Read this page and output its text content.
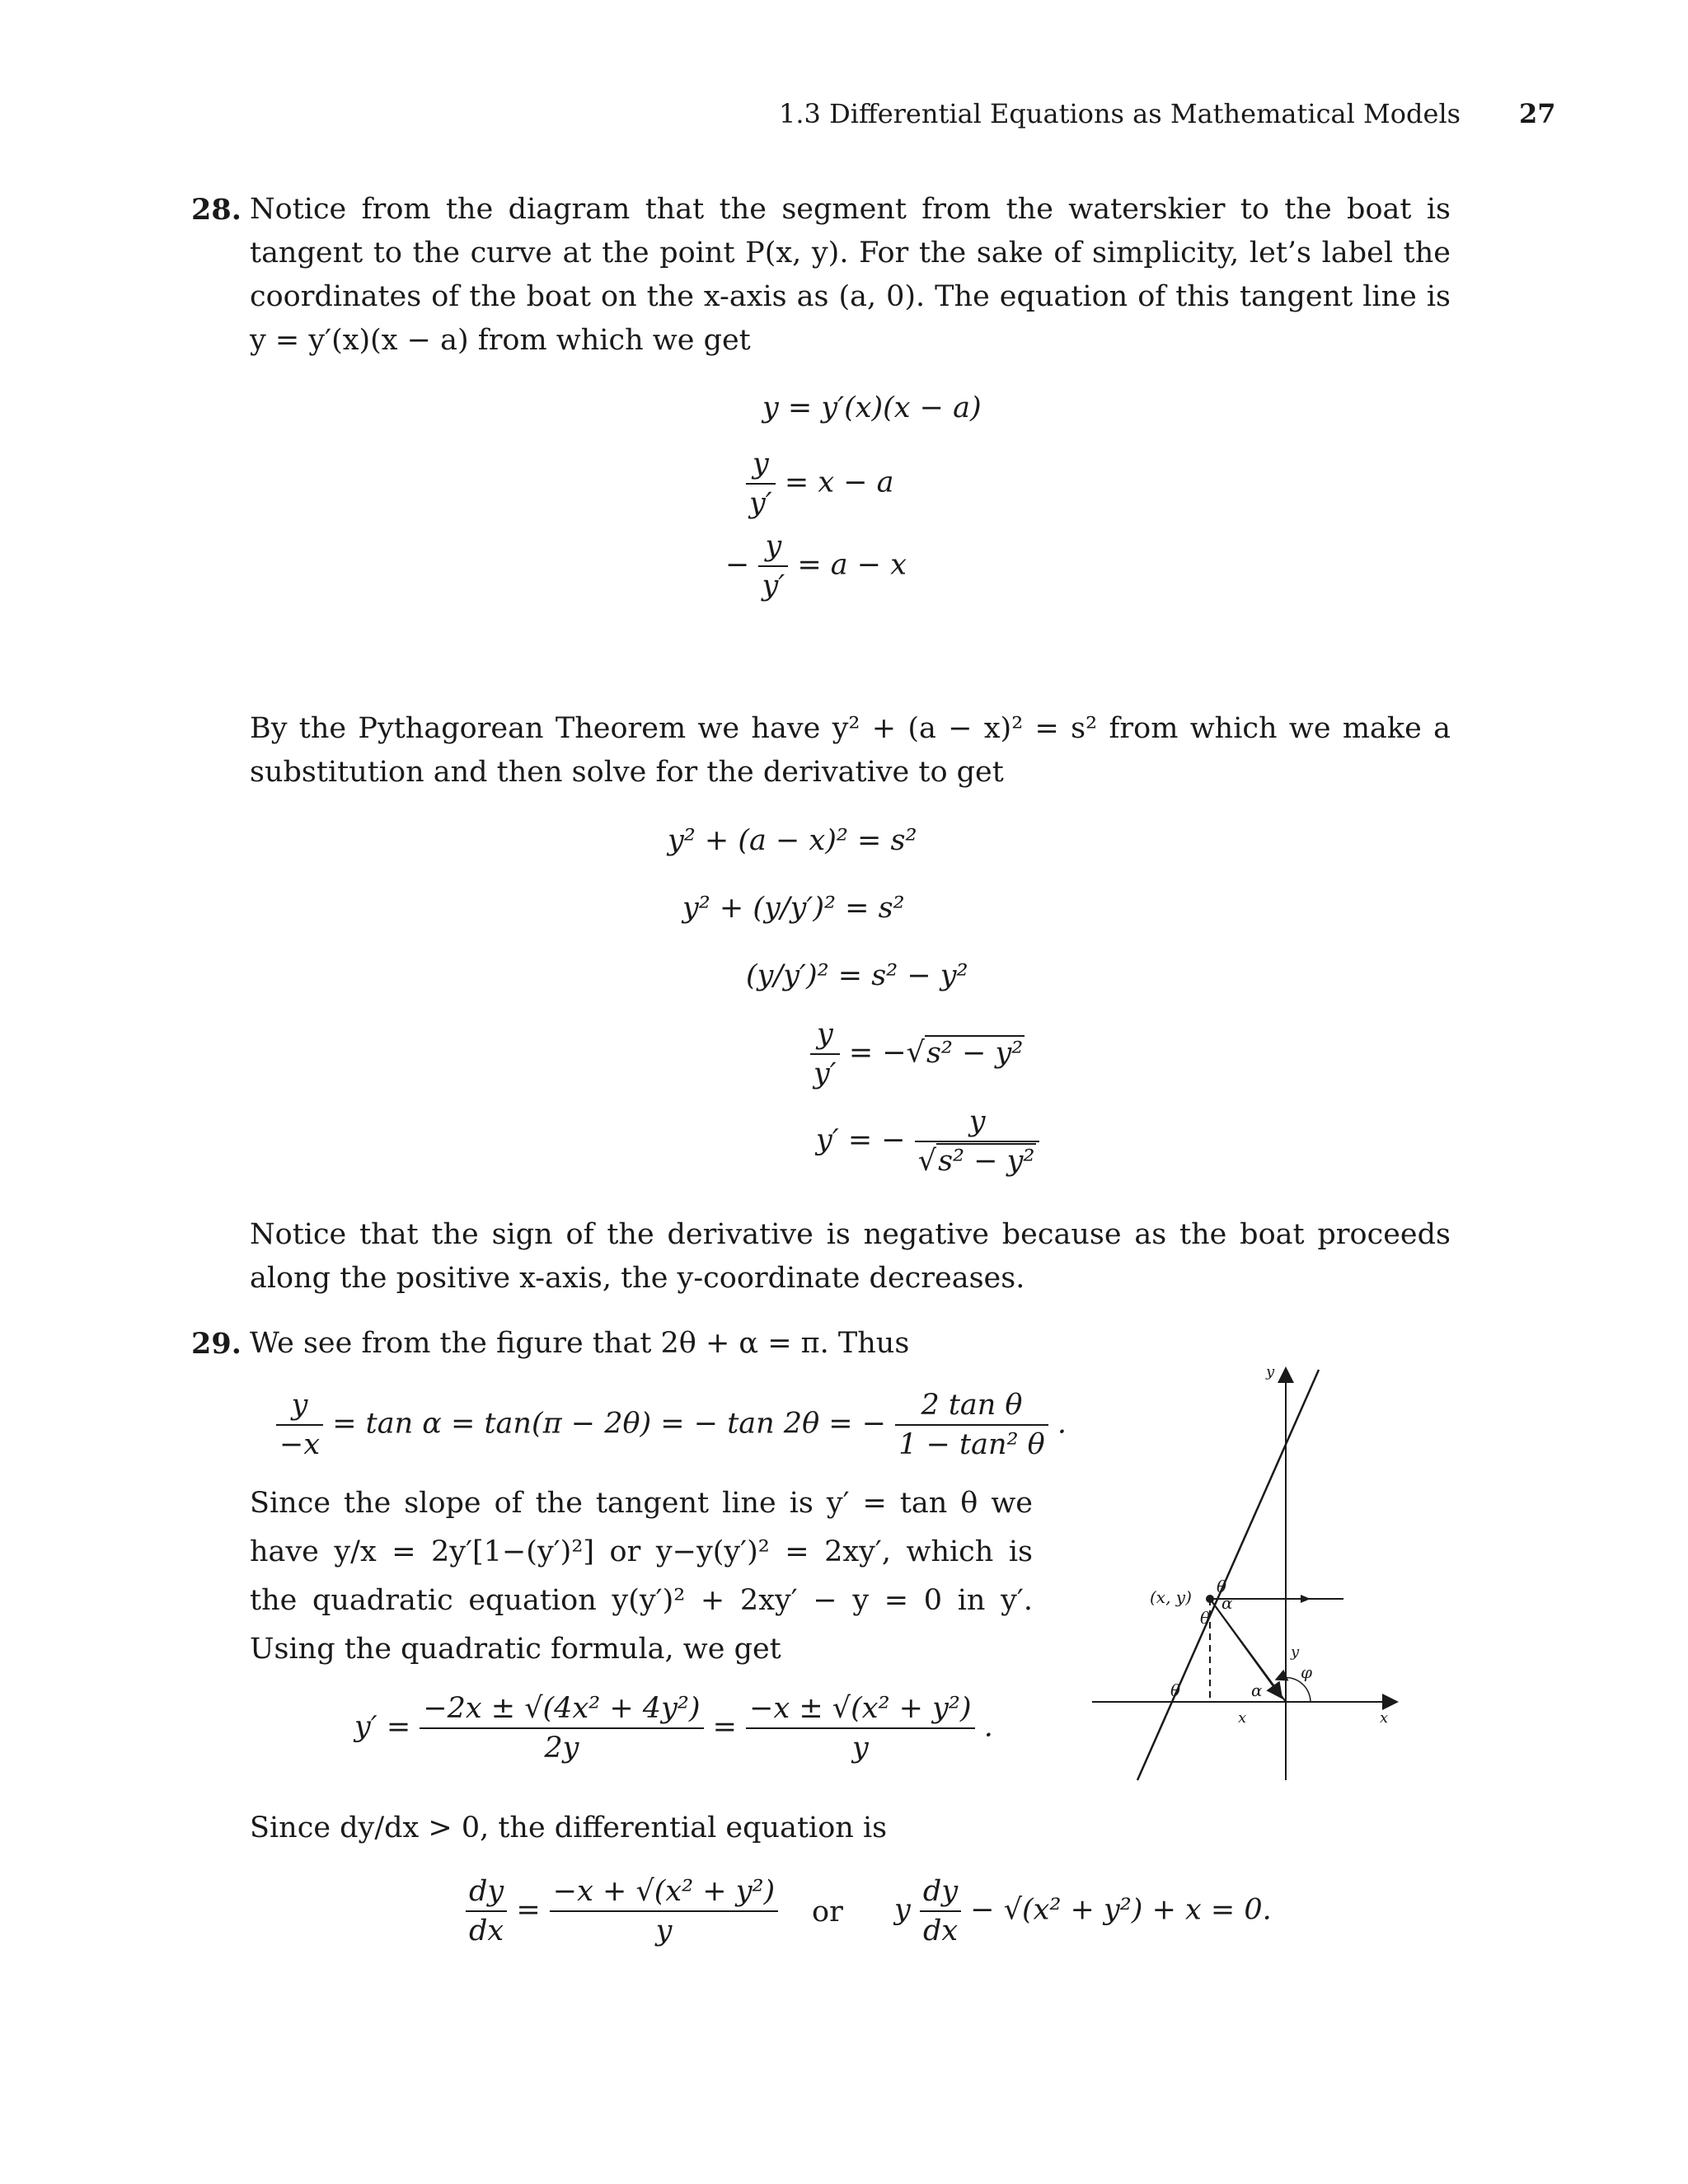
1.3 Differential Equations as Mathematical Models 27
28. Notice from the diagram that the segment from the waterskier to the boat is tangent to the curve at the point P(x, y). For the sake of simplicity, let’s label the coordinates of the boat on the x-axis as (a, 0). The equation of this tangent line is y = y′(x)(x − a) from which we get
y = y′(x)(x − a)
$\frac{y}{y'} = x - a$
− $\frac{y}{y'} = a - x$
By the Pythagorean Theorem we have y² + (a − x)² = s² from which we make a substitution and then solve for the derivative to get
y² + (a − x)² = s²
y² + (y/y′)² = s²
(y/y′)² = s² − y²
$\frac{y}{y'} = -√s^2 - y^2$
y′ = − $\frac{y}{\text{√s² − y²}}$
Notice that the sign of the derivative is negative because as the boat proceeds along the positive x-axis, the y-coordinate decreases.
29. We see from the figure that 2θ + α = π. Thus
$\frac{y}{-x} = \tan \alpha = \tan(\pi - 2\theta)$ = − tan 2θ = − $\frac{\text{2 tan θ}}{\text{1 − tan² θ}}$ .
Since the slope of the tangent line is y′ = tan θ we have y/x = 2y′[1−(y′)²] or y−y(y′)² = 2xy′, which is the quadratic equation y(y′)² + 2xy′ − y = 0 in y′. Using the quadratic formula, we get
$y' = \frac{\text{−2x ± √(4x² + 4y²)}}{2y} = \frac{\text{−x ± √(x² + y²)}}{y}$ .
Since dy/dx > 0, the differential equation is
$\frac{dy}{dx} = \frac{\text{−x + √(x² + y²)}}{y}$ or y $\frac{dy}{dx} - √(x^2 + y^2) + x = 0$.
y
x
(x, y)
θ
α
θ
θ	α
x
y
φ
